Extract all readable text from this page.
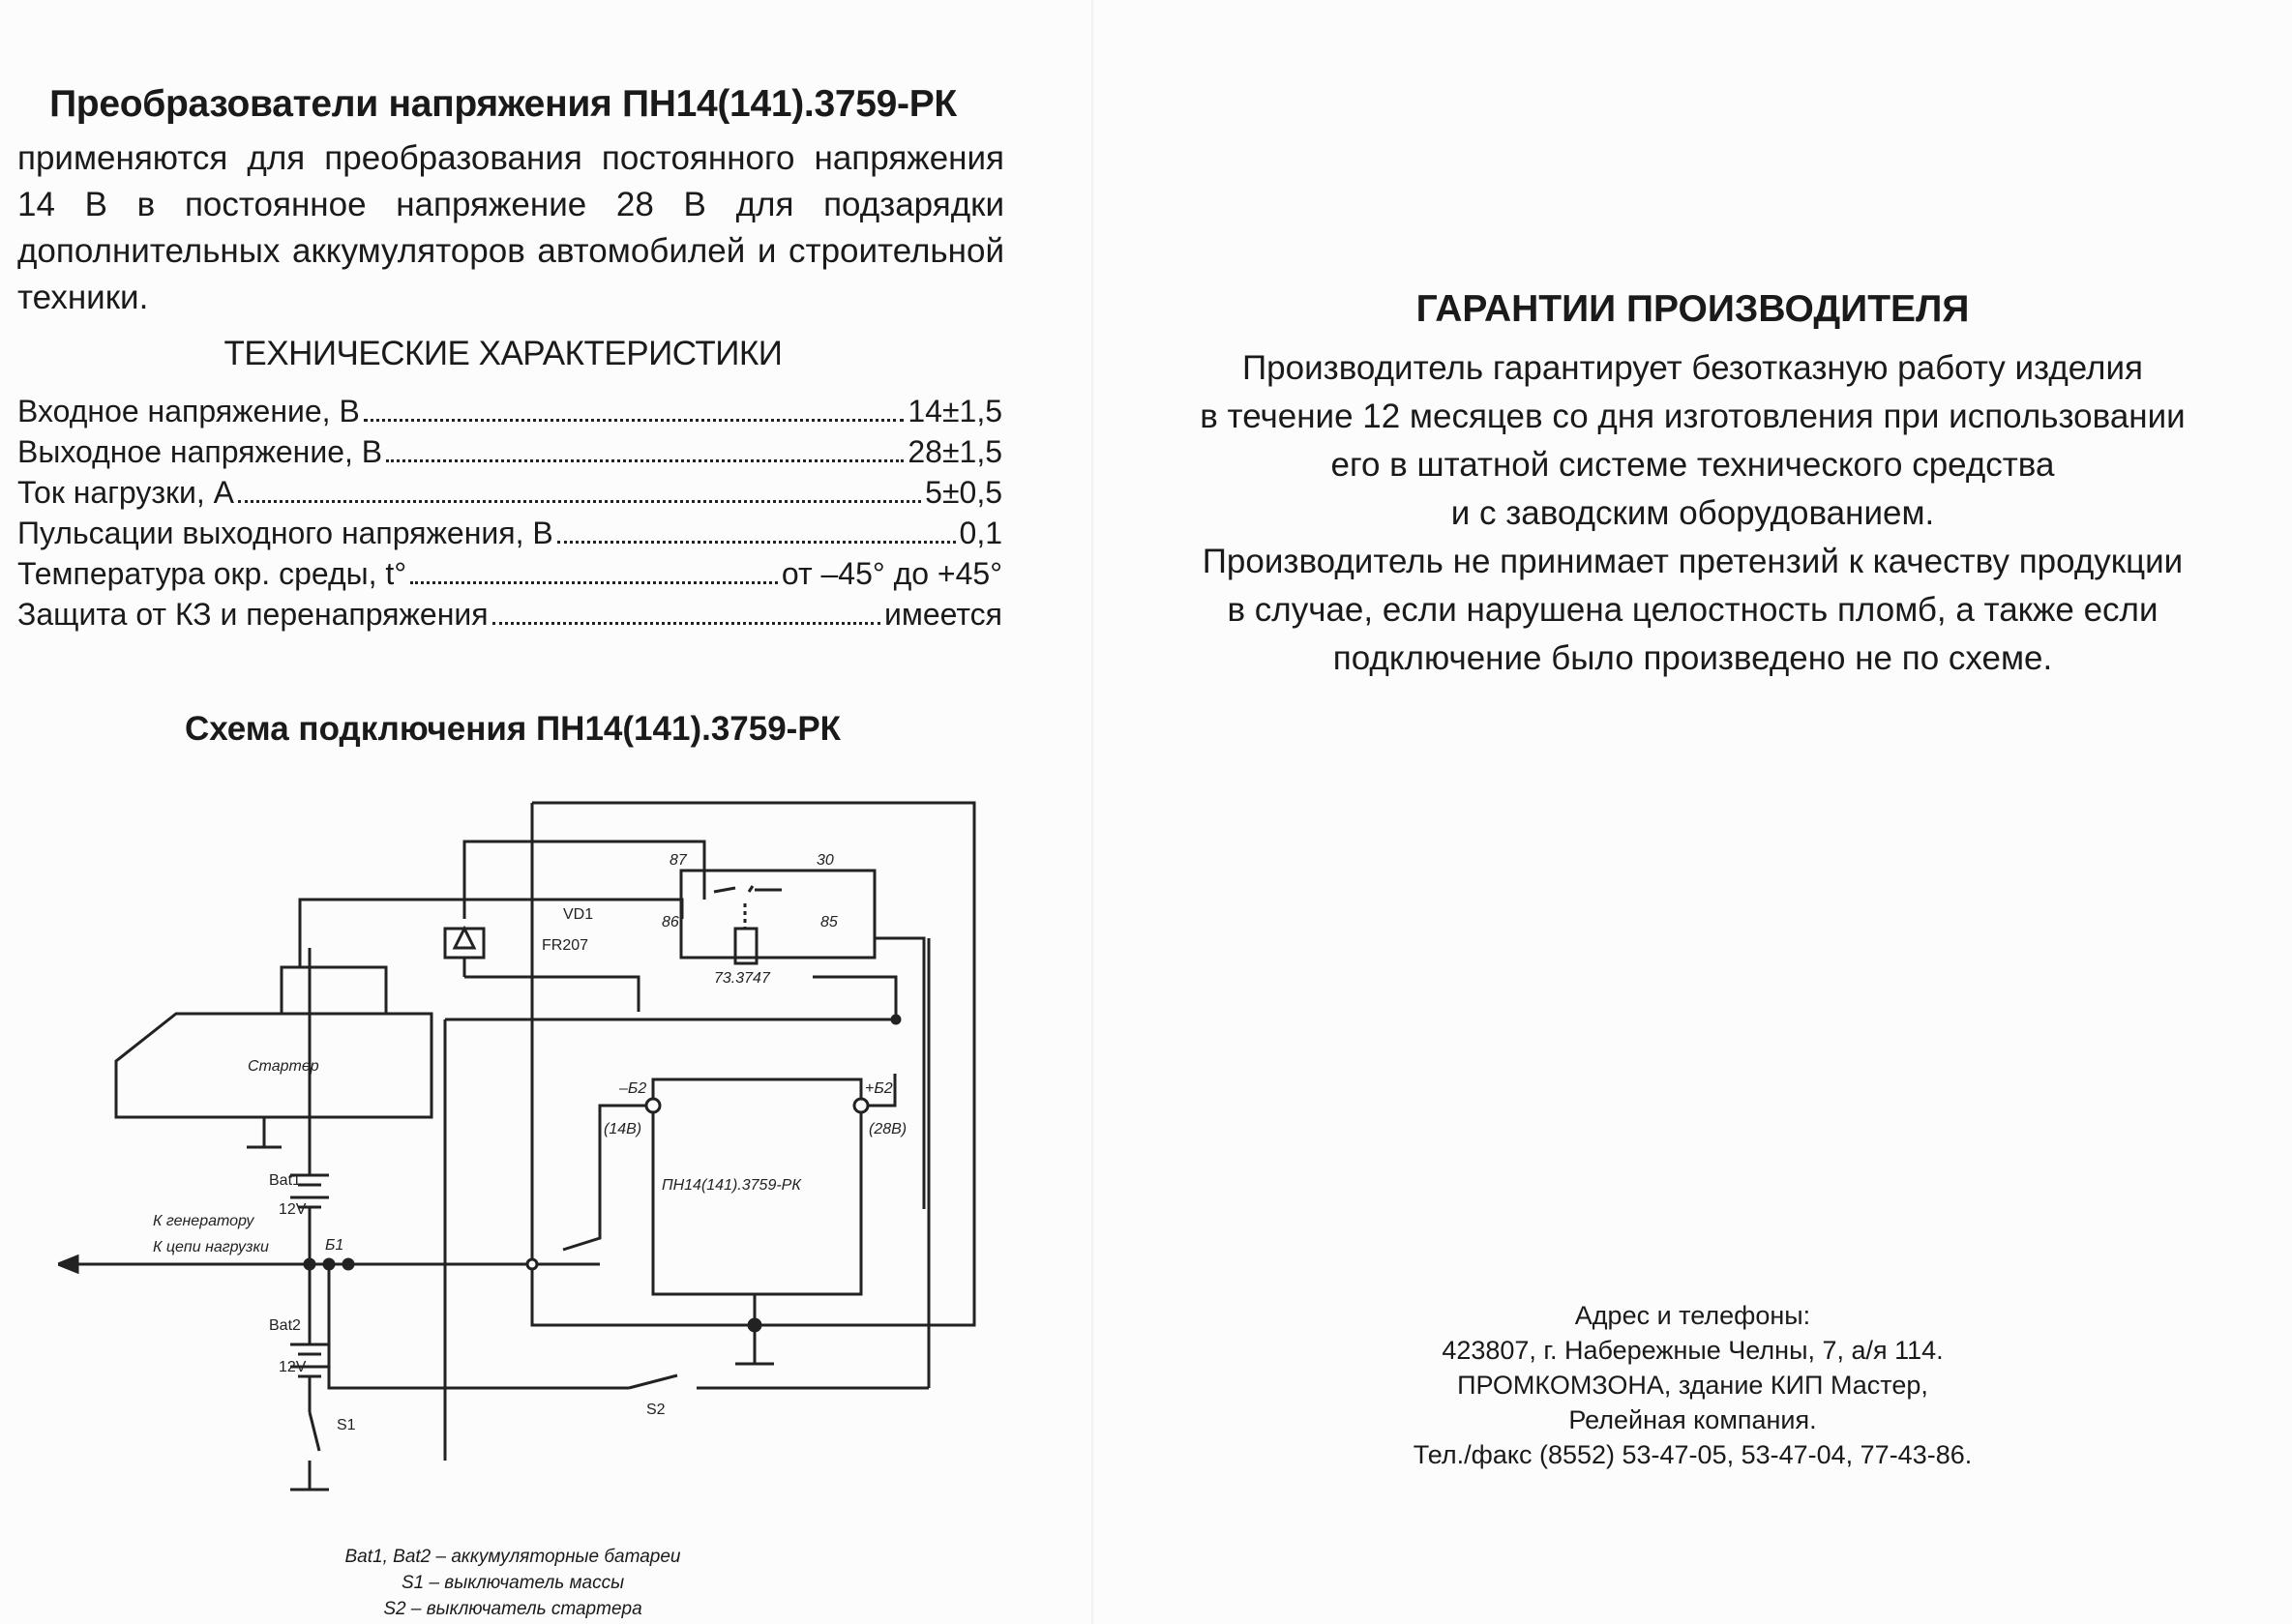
Преобразователи напряжения ПН14(141).3759-РК
применяются для преобразования постоянного напряжения 14 В в постоянное напряжение 28 В для подзарядки дополнительных аккумуляторов автомобилей и строительной техники.
ТЕХНИЧЕСКИЕ ХАРАКТЕРИСТИКИ
Входное напряжение, В	14±1,5
Выходное напряжение, В	28±1,5
Ток нагрузки, А	5±0,5
Пульсации выходного напряжения, В	0,1
Температура окр. среды, t°	от –45° до +45°
Защита от КЗ и перенапряжения	имеется
Схема подключения ПН14(141).3759-РК
Стартер
87	30
86	85
73.3747
VD1
FR207
–Б2	+Б2
(14В)	(28В)
ПН14(141).3759-РК
Bat1
12V
Bat2
12V
Б1
К генератору
К цепи нагрузки
S1
S2
Bat1, Bat2 – аккумуляторные батареи
S1 – выключатель массы
S2 – выключатель стартера
ГАРАНТИИ ПРОИЗВОДИТЕЛЯ
Производитель гарантирует безотказную работу изделия
в течение 12 месяцев со дня изготовления при использовании
его в штатной системе технического средства
и с заводским оборудованием.
Производитель не принимает претензий к качеству продукции
в случае, если нарушена целостность пломб, а также если
подключение было произведено не по схеме.
Адрес и телефоны:
423807, г. Набережные Челны, 7, а/я 114.
ПРОМКОМЗОНА, здание КИП Мастер,
Релейная компания.
Тел./факс (8552) 53-47-05, 53-47-04, 77-43-86.
